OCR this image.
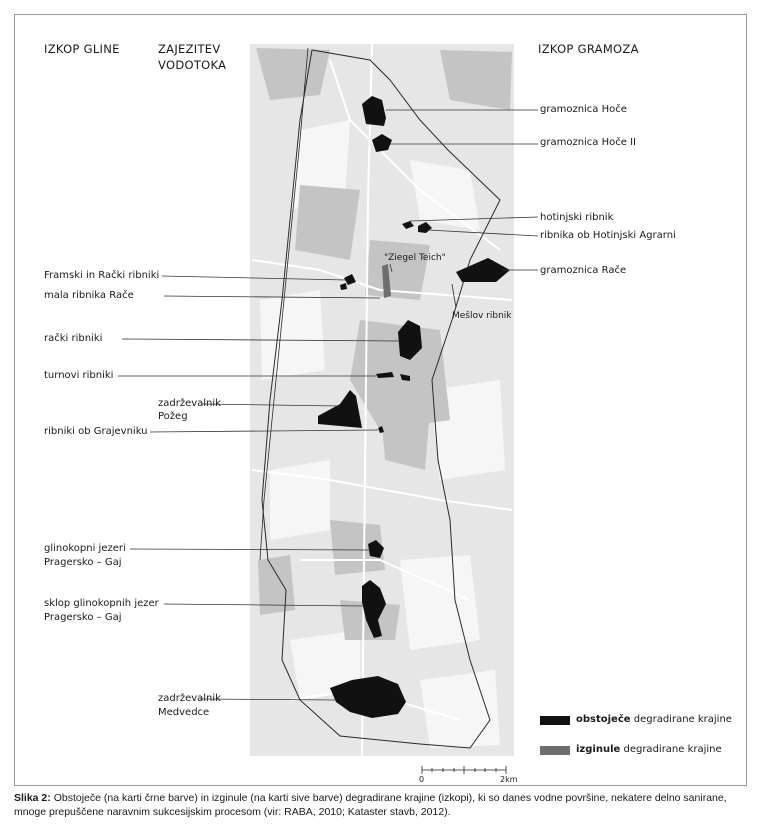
IZKOP GLINE	ZAJEZITEV
VODOTOKA
IZKOP GRAMOZA
gramoznica Hoče
gramoznica Hoče II
hotinjski ribnik
ribnika ob Hotinjski Agrarni
gramoznica Rače
"Ziegel Teich"
Mešlov ribnik
Framski in Rački ribniki
mala ribnika Rače
rački ribniki
turnovi ribniki
zadrževalnik
Požeg
ribniki ob Grajevniku
glinokopni jezeri
Pragersko – Gaj
sklop glinokopnih jezer
Pragersko – Gaj
zadrževalnik
Medvedce
obstoječe degradirane krajine
izginule degradirane krajine
0	2km
Slika 2: Obstoječe (na karti črne barve) in izginule (na karti sive barve) degradirane krajine (izkopi), ki so danes vodne površine, nekatere delno sanirane, mnoge prepuščene naravnim sukcesijskim procesom (vir: RABA, 2010; Kataster stavb, 2012).
